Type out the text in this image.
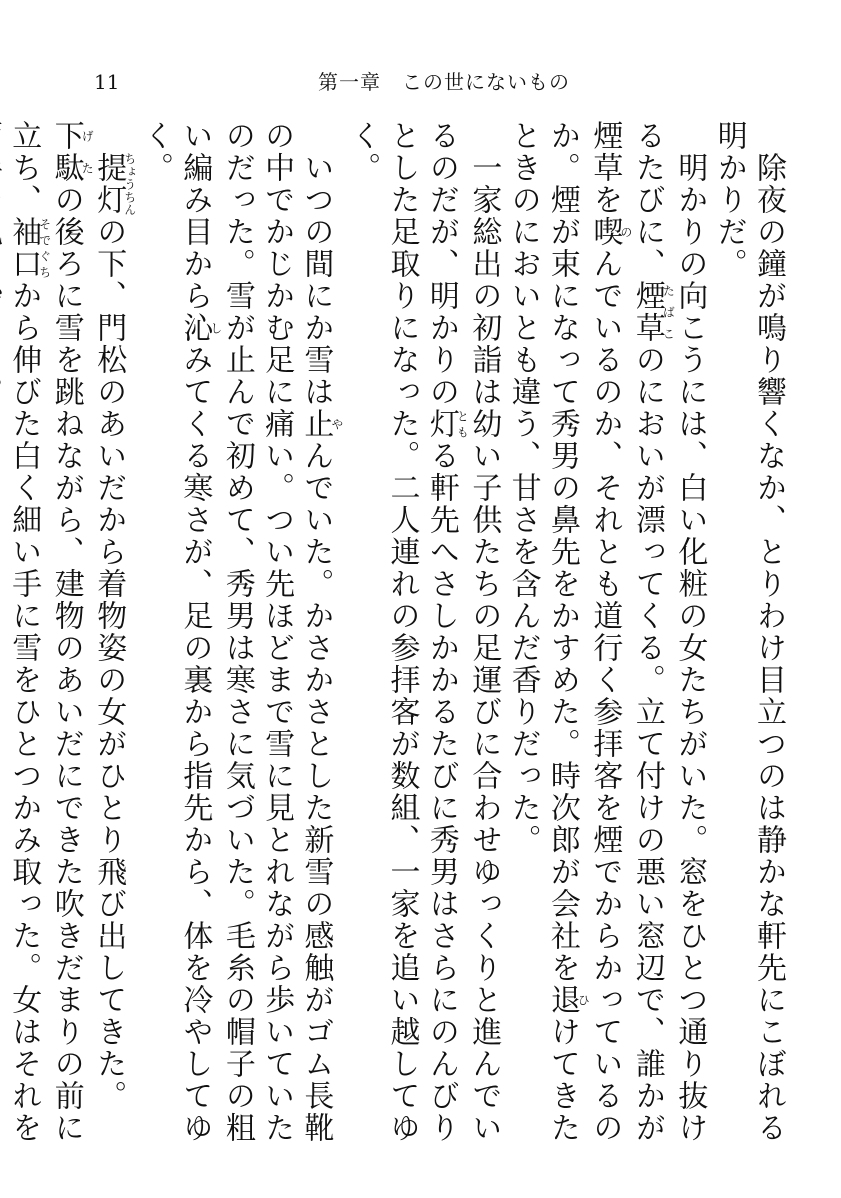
11	第一章　この世にないもの

　除夜の鐘が鳴り響くなか、とりわけ目立つのは静かな軒先にこぼれる明かりだ。

　明かりの向こうには、白い化粧の女たちがいた。窓をひとつ通り抜けるたびに、煙草たばこのにおいが漂ってくる。立て付けの悪い窓辺で、誰かが煙草を喫のんでいるのか、それとも道行く参拝客を煙でからかっているのか。煙が束になって秀男の鼻先をかすめた。時次郎が会社を退ひけてきたときのにおいとも違う、甘さを含んだ香りだった。

　一家総出の初詣は幼い子供たちの足運びに合わせゆっくりと進んでいるのだが、明かりの灯ともる軒先へさしかかるたびに秀男はさらにのんびりとした足取りになった。二人連れの参拝客が数組、一家を追い越してゆく。

　いつの間にか雪は止やんでいた。かさかさとした新雪の感触がゴム長靴の中でかじかむ足に痛い。つい先ほどまで雪に見とれながら歩いていたのだった。雪が止んで初めて、秀男は寒さに気づいた。毛糸の帽子の粗い編み目から沁しみてくる寒さが、足の裏から指先から、体を冷やしてゆく。

　提灯ちょうちんの下、門松のあいだから着物姿の女がひとり飛び出してきた。下駄げたの後ろに雪を跳ねながら、建物のあいだにできた吹きだまりの前に立ち、袖口そでぐちから伸びた白く細い手に雪をひとつかみ取った。女はそれを
